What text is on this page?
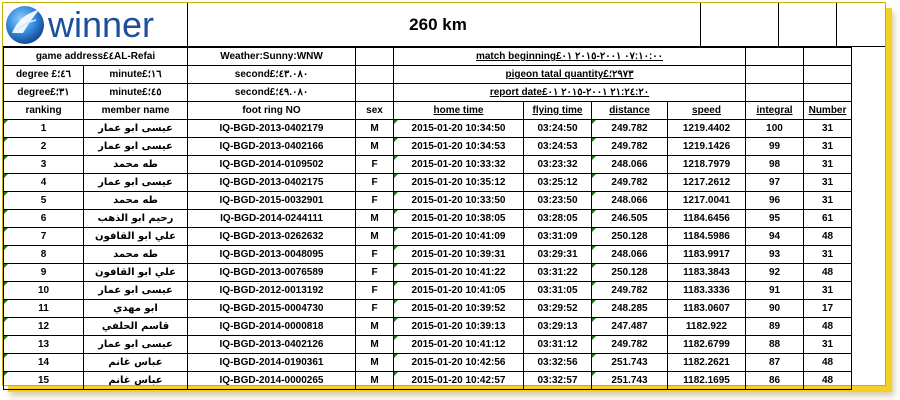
winner	260 km
game address£٤AL-Refai		Weather:Sunny:WNW		match beginning£٠٧:١٠:٠٠ ٢٠٠١-٢٠١٥ ٠١					
degree £٤٦؛	minute£١٦؛	second£٤٣.٠٨٠؛		pigeon tatal quantity£٢٩٧٣؛					
degree£٣١؛	minute£٤٥؛	second£٤٩.٠٨٠؛		report date£٢١:٢٤:٢٠ ٢٠٠١-٢٠١٥ ٠١					
ranking	member name	foot ring NO	sex	home time	flying time	distance	speed	integral	Number
1	عيسى ابو عمار	IQ-BGD-2013-0402179	M	2015-01-20 10:34:50	03:24:50	249.782	1219.4402	100	31
2	عيسى ابو عمار	IQ-BGD-2013-0402166	M	2015-01-20 10:34:53	03:24:53	249.782	1219.1426	99	31
3	طه محمد	IQ-BGD-2014-0109502	F	2015-01-20 10:33:32	03:23:32	248.066	1218.7979	98	31
4	عيسى ابو عمار	IQ-BGD-2013-0402175	F	2015-01-20 10:35:12	03:25:12	249.782	1217.2612	97	31
5	طه محمد	IQ-BGD-2015-0032901	F	2015-01-20 10:33:50	03:23:50	248.066	1217.0041	96	31
6	رحيم ابو الذهب	IQ-BGD-2014-0244111	M	2015-01-20 10:38:05	03:28:05	246.505	1184.6456	95	61
7	علي ابو القافون	IQ-BGD-2013-0262632	M	2015-01-20 10:41:09	03:31:09	250.128	1184.5986	94	48
8	طه محمد	IQ-BGD-2013-0048095	F	2015-01-20 10:39:31	03:29:31	248.066	1183.9917	93	31
9	علي ابو القافون	IQ-BGD-2013-0076589	F	2015-01-20 10:41:22	03:31:22	250.128	1183.3843	92	48
10	عيسى ابو عمار	IQ-BGD-2012-0013192	F	2015-01-20 10:41:05	03:31:05	249.782	1183.3336	91	31
11	ابو مهدي	IQ-BGD-2015-0004730	F	2015-01-20 10:39:52	03:29:52	248.285	1183.0607	90	17
12	قاسم الحلفي	IQ-BGD-2014-0000818	M	2015-01-20 10:39:13	03:29:13	247.487	1182.922	89	48
13	عيسى ابو عمار	IQ-BGD-2013-0402126	M	2015-01-20 10:41:12	03:31:12	249.782	1182.6799	88	31
14	عباس غانم	IQ-BGD-2014-0190361	M	2015-01-20 10:42:56	03:32:56	251.743	1182.2621	87	48
15	عباس غانم	IQ-BGD-2014-0000265	M	2015-01-20 10:42:57	03:32:57	251.743	1182.1695	86	48
